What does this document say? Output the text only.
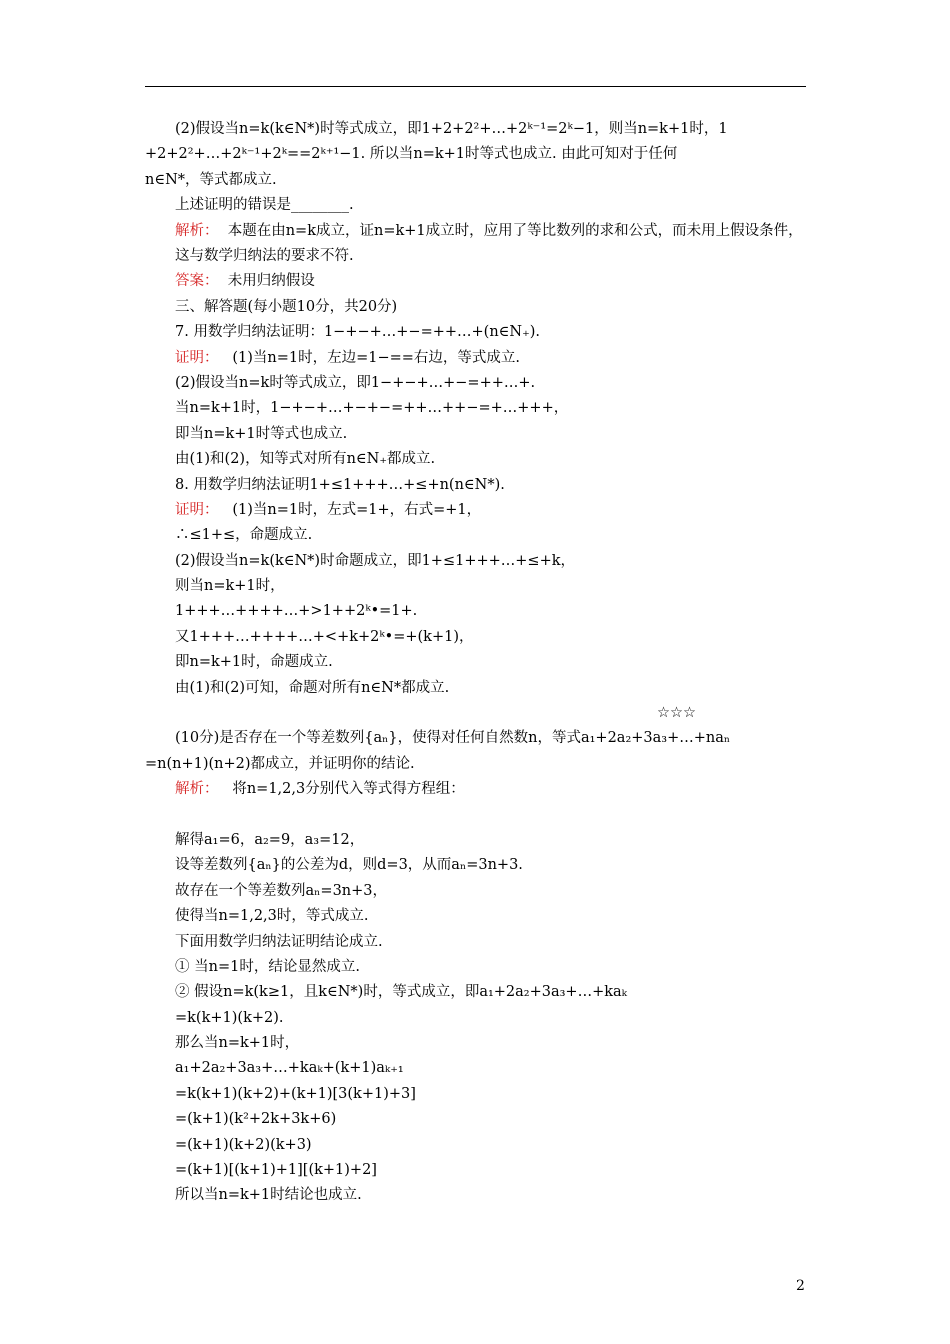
(2)假设当n=k(k∈N*)时等式成立，即1+2+2²+…+2ᵏ⁻¹=2ᵏ−1，则当n=k+1时，1
+2+2²+…+2ᵏ⁻¹+2ᵏ==2ᵏ⁺¹−1. 所以当n=k+1时等式也成立. 由此可知对于任何
n∈N*，等式都成立.
上述证明的错误是________.
解析： 本题在由n=k成立，证n=k+1成立时，应用了等比数列的求和公式，而未用上假设条件，这与数学归纳法的要求不符.
答案： 未用归纳假设
三、解答题(每小题10分，共20分)
7. 用数学归纳法证明：1−+−+…+−=++…+(n∈N₊).
证明： (1)当n=1时，左边=1−==右边，等式成立.
(2)假设当n=k时等式成立，即1−+−+…+−=++…+.
当n=k+1时，1−+−+…+−+−=++…++−=+…+++，
即当n=k+1时等式也成立.
由(1)和(2)，知等式对所有n∈N₊都成立.
8. 用数学归纳法证明1+≤1+++…+≤+n(n∈N*).
证明： (1)当n=1时，左式=1+，右式=+1，
∴≤1+≤，命题成立.
(2)假设当n=k(k∈N*)时命题成立，即1+≤1+++…+≤+k，
则当n=k+1时，
1+++…++++…+>1++2ᵏ•=1+.
又1+++…++++…+<+k+2ᵏ•=+(k+1)，
即n=k+1时，命题成立.
由(1)和(2)可知，命题对所有n∈N*都成立.
☆☆☆
(10分)是否存在一个等差数列{aₙ}，使得对任何自然数n，等式a₁+2a₂+3a₃+…+naₙ
=n(n+1)(n+2)都成立，并证明你的结论.
解析： 将n=1,2,3分别代入等式得方程组：
解得a₁=6，a₂=9，a₃=12，
设等差数列{aₙ}的公差为d，则d=3，从而aₙ=3n+3.
故存在一个等差数列aₙ=3n+3，
使得当n=1,2,3时，等式成立.
下面用数学归纳法证明结论成立.
① 当n=1时，结论显然成立.
② 假设n=k(k≥1，且k∈N*)时，等式成立，即a₁+2a₂+3a₃+…+kaₖ
=k(k+1)(k+2).
那么当n=k+1时，
a₁+2a₂+3a₃+…+kaₖ+(k+1)aₖ₊₁
=k(k+1)(k+2)+(k+1)[3(k+1)+3]
=(k+1)(k²+2k+3k+6)
=(k+1)(k+2)(k+3)
=(k+1)[(k+1)+1][(k+1)+2]
所以当n=k+1时结论也成立.
2
